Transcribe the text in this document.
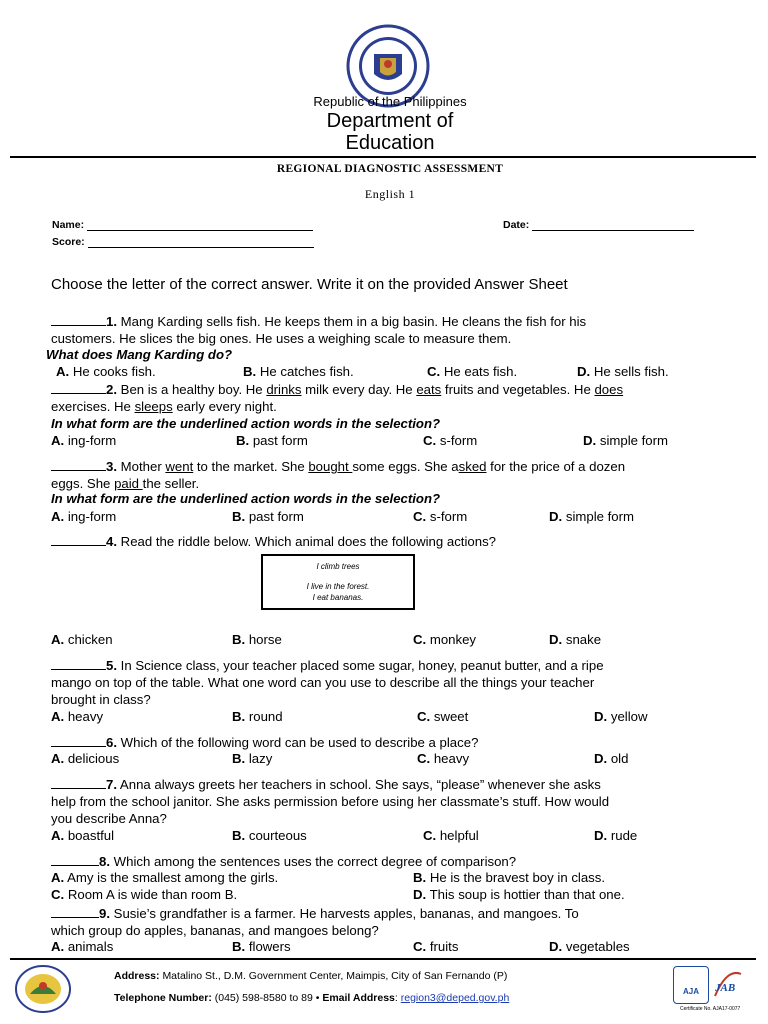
Republic of the Philippines
Department of
Education
REGIONAL DIAGNOSTIC ASSESSMENT
English 1
Name:	Date:
Score:
Choose the letter of the correct answer. Write it on the provided Answer Sheet
1. Mang Karding sells fish. He keeps them in a big basin. He cleans the fish for his
customers. He slices the big ones. He uses a weighing scale to measure them.
What does Mang Karding do?
A. He cooks fish.	B. He catches fish.	C. He eats fish.	D. He sells fish.
2. Ben is a healthy boy. He drinks milk every day. He eats fruits and vegetables. He does
exercises. He sleeps early every night.
In what form are the underlined action words in the selection?
A. ing-form	B. past form	C. s-form	D. simple form
3. Mother went to the market. She bought some eggs. She asked for the price of a dozen
eggs. She paid the seller.
In what form are the underlined action words in the selection?
A. ing-form	B. past form	C. s-form	D. simple form
4. Read the riddle below. Which animal does the following actions?
I climb trees
I live in the forest.
I eat bananas.
A. chicken	B. horse	C. monkey	D. snake
5. In Science class, your teacher placed some sugar, honey, peanut butter, and a ripe
mango on top of the table. What one word can you use to describe all the things your teacher
brought in class?
A. heavy	B. round	C. sweet	D. yellow
6. Which of the following word can be used to describe a place?
A. delicious	B. lazy	C. heavy	D. old
7. Anna always greets her teachers in school. She says, “please” whenever she asks
help from the school janitor. She asks permission before using her classmate’s stuff. How would
you describe Anna?
A. boastful	B. courteous	C. helpful	D. rude
8. Which among the sentences uses the correct degree of comparison?
A. Amy is the smallest among the girls.	B. He is the bravest boy in class.
C. Room A is wide than room B.	D. This soup is hottier than that one.
9. Susie’s grandfather is a farmer. He harvests apples, bananas, and mangoes. To
which group do apples, bananas, and mangoes belong?
A. animals	B. flowers	C. fruits	D. vegetables
Address: Matalino St., D.M. Government Center, Maimpis, City of San Fernando (P)
Telephone Number: (045) 598-8580 to 89 • Email Address: region3@deped.gov.ph
AJA	JAB
Certificate No. AJA17-0077
